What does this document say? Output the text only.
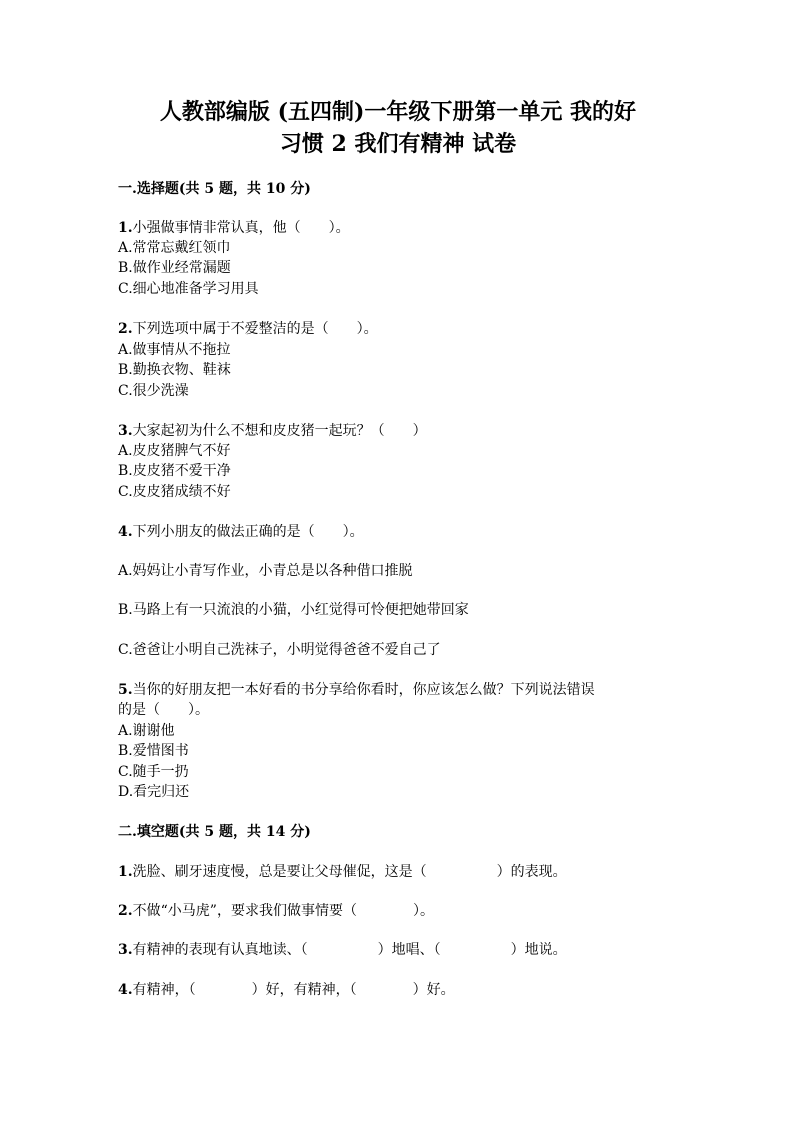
人教部编版 (五四制)一年级下册第一单元 我的好
习惯 2 我们有精神 试卷
一.选择题(共 5 题，共 10 分)
1.小强做事情非常认真，他（　　）。
A.常常忘戴红领巾
B.做作业经常漏题
C.细心地准备学习用具
2.下列选项中属于不爱整洁的是（　　）。
A.做事情从不拖拉
B.勤换衣物、鞋袜
C.很少洗澡
3.大家起初为什么不想和皮皮猪一起玩？（　　）
A.皮皮猪脾气不好
B.皮皮猪不爱干净
C.皮皮猪成绩不好
4.下列小朋友的做法正确的是（　　）。
A.妈妈让小青写作业，小青总是以各种借口推脱
B.马路上有一只流浪的小猫，小红觉得可怜便把她带回家
C.爸爸让小明自己洗袜子，小明觉得爸爸不爱自己了
5.当你的好朋友把一本好看的书分享给你看时，你应该怎么做？下列说法错误
的是（　　）。
A.谢谢他
B.爱惜图书
C.随手一扔
D.看完归还
二.填空题(共 5 题，共 14 分)
1.洗脸、刷牙速度慢，总是要让父母催促，这是（　　　　　）的表现。
2.不做“小马虎”，要求我们做事情要（　　　　）。
3.有精神的表现有认真地读、（　　　　　）地唱、（　　　　　）地说。
4.有精神，（　　　　）好，有精神，（　　　　）好。
